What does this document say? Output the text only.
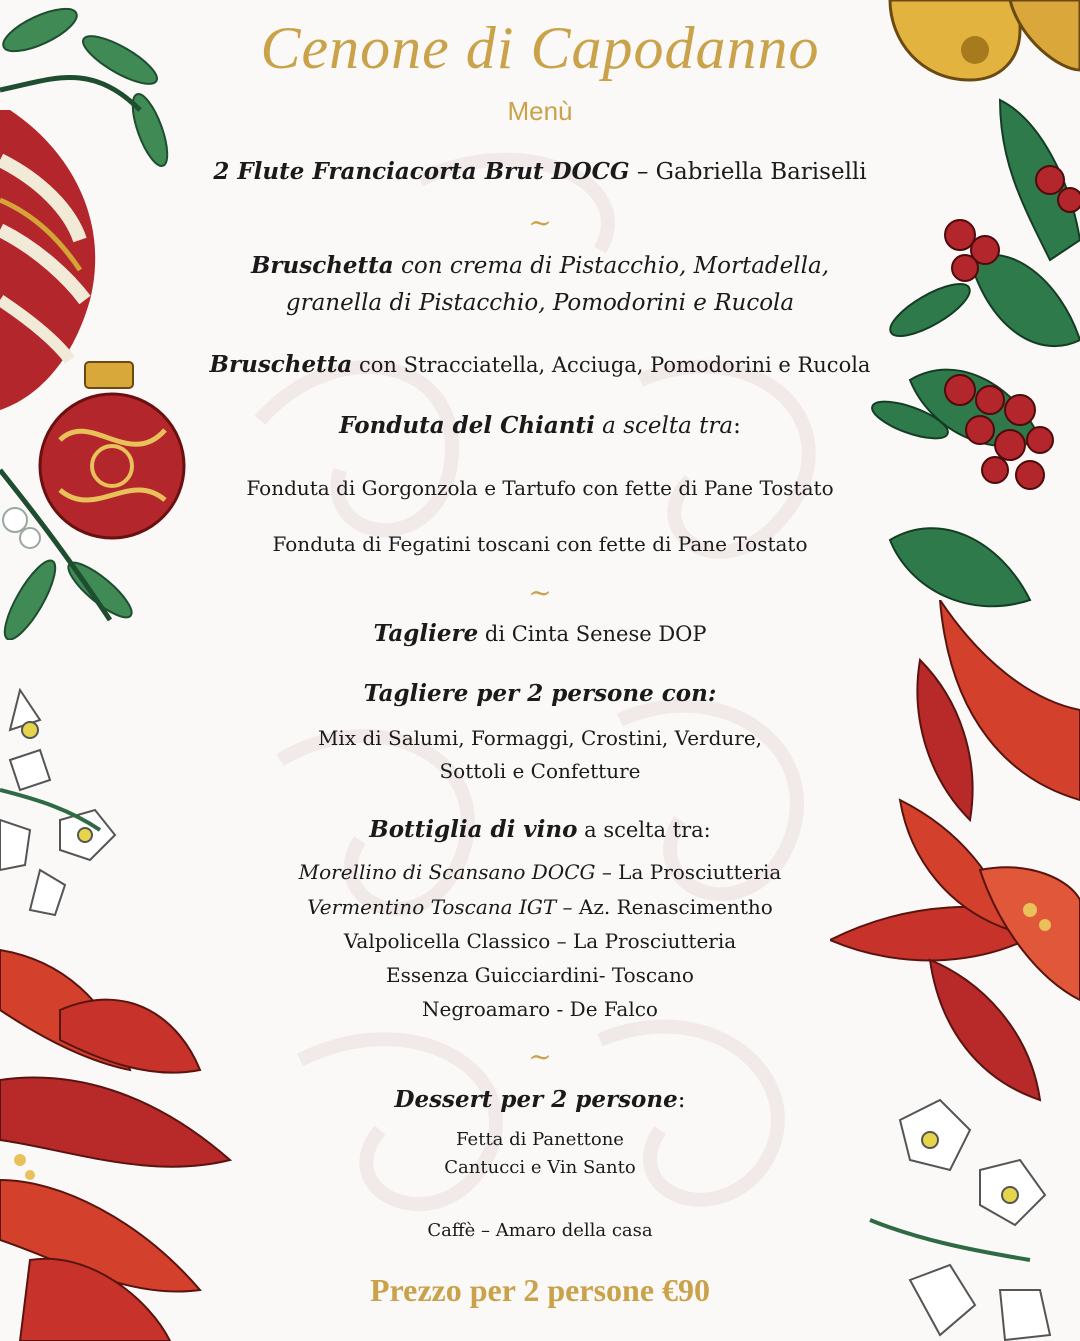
Cenone di Capodanno
Menù
2 Flute Franciacorta Brut DOCG – Gabriella Bariselli
~
Bruschetta con crema di Pistacchio, Mortadella,
granella di Pistacchio, Pomodorini e Rucola
Bruschetta con Stracciatella, Acciuga, Pomodorini e Rucola
Fonduta del Chianti a scelta tra:
Fonduta di Gorgonzola e Tartufo con fette di Pane Tostato
Fonduta di Fegatini toscani con fette di Pane Tostato
~
Tagliere di Cinta Senese DOP
Tagliere per 2 persone con:
Mix di Salumi, Formaggi, Crostini, Verdure,
Sottoli e Confetture
Bottiglia di vino a scelta tra:
Morellino di Scansano DOCG – La Prosciutteria
Vermentino Toscana IGT – Az. Renascimentho
Valpolicella Classico – La Prosciutteria
Essenza Guicciardini- Toscano
Negroamaro - De Falco
~
Dessert per 2 persone:
Fetta di Panettone
Cantucci e Vin Santo
Caffè – Amaro della casa
Prezzo per 2 persone €90
